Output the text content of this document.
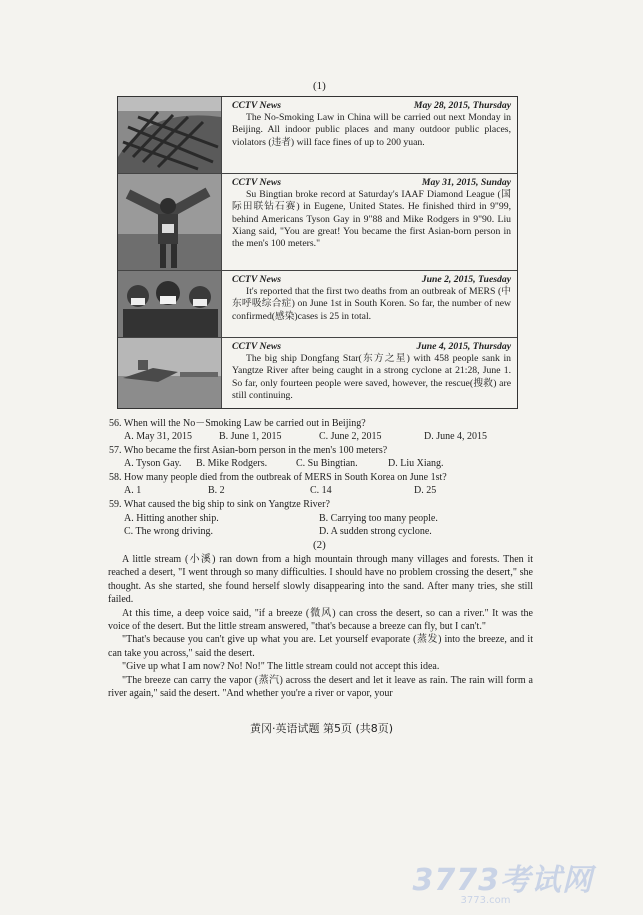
(1)
CCTV News	May 28, 2015, Thursday
The No-Smoking Law in China will be carried out next Monday in Beijing. All indoor public places and many outdoor public places, violators (违者) will face fines of up to 200 yuan.
CCTV News	May 31, 2015, Sunday
Su Bingtian broke record at Saturday's IAAF Diamond League (国际田联钻石赛) in Eugene, United States. He finished third in 9"99, behind Americans Tyson Gay in 9"88 and Mike Rodgers in 9"90. Liu Xiang said, "You are great! You became the first Asian-born person in the men's 100 meters."
CCTV News	June 2, 2015, Tuesday
It's reported that the first two deaths from an outbreak of MERS (中东呼吸综合症) on June 1st in South Koren. So far, the number of new confirmed(感染)cases is 25 in total.
CCTV News	June 4, 2015, Thursday
The big ship Dongfang Star(东方之星) with 458 people sank in Yangtze River after being caught in a strong cyclone at 21:28, June 1. So far, only fourteen people were saved, however, the rescue(搜救) are still continuing.
56. When will the No－Smoking Law be carried out in Beijing?
A. May 31, 2015	B. June 1, 2015	C. June 2, 2015	D. June 4, 2015
57. Who became the first Asian-born person in the men's 100 meters?
A. Tyson Gay. B. Mike Rodgers.	C. Su Bingtian.	D. Liu Xiang.
58. How many people died from the outbreak of MERS in South Korea on June 1st?
A. 1	B. 2	C. 14	D. 25
59. What caused the big ship to sink on Yangtze River?
A. Hitting another ship.	B. Carrying too many people.
C. The wrong driving.	D. A sudden strong cyclone.
(2)

A little stream (小溪) ran down from a high mountain through many villages and forests. Then it reached a desert, "I went through so many difficulties. I should have no problem crossing the desert," she thought. As she started, she found herself slowly disappearing into the sand. After many tries, she still failed.

At this time, a deep voice said, "if a breeze (微风) can cross the desert, so can a river." It was the voice of the desert. But the little stream answered, "that's because a breeze can fly, but I can't."

"That's because you can't give up what you are. Let yourself evaporate (蒸发) into the breeze, and it can take you across," said the desert.

"Give up what I am now? No! No!" The little stream could not accept this idea.

"The breeze can carry the vapor (蒸汽) across the desert and let it leave as rain. The rain will form a river again," said the desert. "And whether you're a river or vapor, your

黄冈·英语试题 第5页 (共8页)
3773考试网
3773.com
